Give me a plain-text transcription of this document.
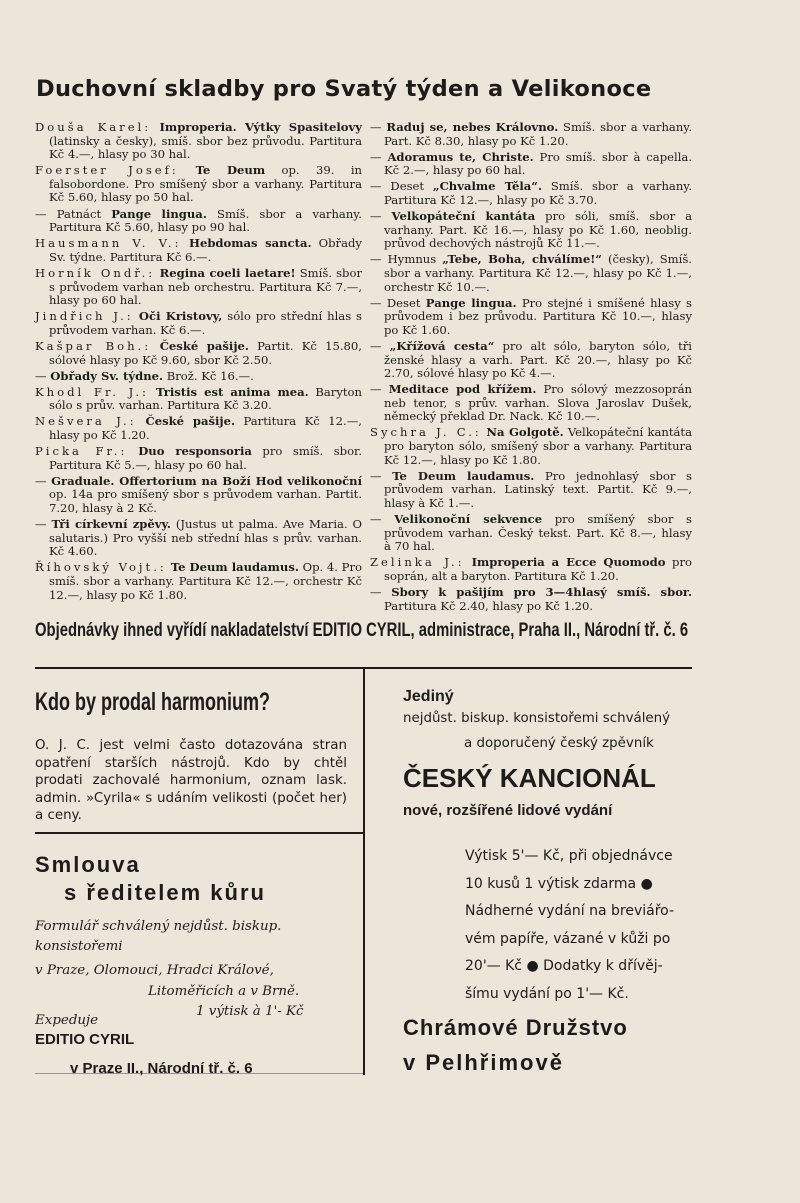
Duchovní skladby pro Svatý týden a Velikonoce
Douša Karel: Improperia. Výtky Spasitelovy (latinsky a česky), smíš. sbor bez průvodu. Partitura Kč 4.—, hlasy po 30 hal.
Foerster Josef: Te Deum op. 39. in falsobordone. Pro smíšený sbor a varhany. Partitura Kč 5.60, hlasy po 50 hal.
— Patnáct Pange lingua. Smíš. sbor a varhany. Partitura Kč 5.60, hlasy po 90 hal.
Hausmann V. V.: Hebdomas sancta. Obřady Sv. týdne. Partitura Kč 6.—.
Horník Ondř.: Regina coeli laetare! Smíš. sbor s průvodem varhan neb orchestru. Partitura Kč 7.—, hlasy po 60 hal.
Jindřich J.: Oči Kristovy, sólo pro střední hlas s průvodem varhan. Kč 6.—.
Kašpar Boh.: České pašije. Partit. Kč 15.80, sólové hlasy po Kč 9.60, sbor Kč 2.50.
— Obřady Sv. týdne. Brož. Kč 16.—.
Khodl Fr. J.: Tristis est anima mea. Baryton sólo s prův. varhan. Partitura Kč 3.20.
Nešvera J.: České pašije. Partitura Kč 12.—, hlasy po Kč 1.20.
Picka Fr.: Duo responsoria pro smíš. sbor. Partitura Kč 5.—, hlasy po 60 hal.
— Graduale. Offertorium na Boží Hod velikonoční op. 14a pro smíšený sbor s průvodem varhan. Partit. 7.20, hlasy à 2 Kč.
— Tři církevní zpěvy. (Justus ut palma. Ave Maria. O salutaris.) Pro vyšší neb střední hlas s prův. varhan. Kč 4.60.
Říhovský Vojt.: Te Deum laudamus. Op. 4. Pro smíš. sbor a varhany. Partitura Kč 12.—, orchestr Kč 12.—, hlasy po Kč 1.80.
— Raduj se, nebes Královno. Smíš. sbor a varhany. Part. Kč 8.30, hlasy po Kč 1.20.
— Adoramus te, Christe. Pro smíš. sbor à capella. Kč 2.—, hlasy po 60 hal.
— Deset „Chvalme Těla“. Smíš. sbor a varhany. Partitura Kč 12.—, hlasy po Kč 3.70.
— Velkopáteční kantáta pro sóli, smíš. sbor a varhany. Part. Kč 16.—, hlasy po Kč 1.60, neoblig. průvod dechových nástrojů Kč 11.—.
— Hymnus „Tebe, Boha, chválíme!“ (česky), Smíš. sbor a varhany. Partitura Kč 12.—, hlasy po Kč 1.—, orchestr Kč 10.—.
— Deset Pange lingua. Pro stejné i smíšené hlasy s průvodem i bez průvodu. Partitura Kč 10.—, hlasy po Kč 1.60.
— „Křížová cesta“ pro alt sólo, baryton sólo, tři ženské hlasy a varh. Part. Kč 20.—, hlasy po Kč 2.70, sólové hlasy po Kč 4.—.
— Meditace pod křížem. Pro sólový mezzosoprán neb tenor, s prův. varhan. Slova Jaroslav Dušek, německý překlad Dr. Nack. Kč 10.—.
Sychra J. C.: Na Golgotě. Velkopáteční kantáta pro baryton sólo, smíšený sbor a varhany. Partitura Kč 12.—, hlasy po Kč 1.80.
— Te Deum laudamus. Pro jednohlasý sbor s průvodem varhan. Latinský text. Partit. Kč 9.—, hlasy à Kč 1.—.
— Velikonoční sekvence pro smíšený sbor s průvodem varhan. Český tekst. Part. Kč 8.—, hlasy à 70 hal.
Zelinka J.: Improperia a Ecce Quomodo pro soprán, alt a baryton. Partitura Kč 1.20.
— Sbory k pašijím pro 3—4hlasý smíš. sbor. Partitura Kč 2.40, hlasy po Kč 1.20.
Objednávky ihned vyřídí nakladatelství EDITIO CYRIL, administrace, Praha II., Národní tř. č. 6
Kdo by prodal harmonium?
O. J. C. jest velmi často dotazována stran opatření starších nástrojů. Kdo by chtěl prodati zachovalé harmonium, oznam lask. admin. »Cyrila« s udáním velikosti (počet her) a ceny.
Smlouva
s ředitelem kůru
Formulář schválený nejdůst. biskup.
konsistořemi
v Praze, Olomouci, Hradci Králové,
Litoměřicích a v Brně.
1 výtisk à 1'- Kč
Expeduje
EDITIO CYRIL
v Praze II., Národní tř. č. 6
Jediný
nejdůst. biskup. konsistořemi schválený
a doporučený český zpěvník
ČESKÝ KANCIONÁL
nové, rozšířené lidové vydání
Výtisk 5'— Kč, při objednávce
10 kusů 1 výtisk zdarma ●
Nádherné vydání na breviářo-
vém papíře, vázané v kůži po
20'— Kč ● Dodatky k dřívěj-
šímu vydání po 1'— Kč.
Chrámové Družstvo
v Pelhřimově
